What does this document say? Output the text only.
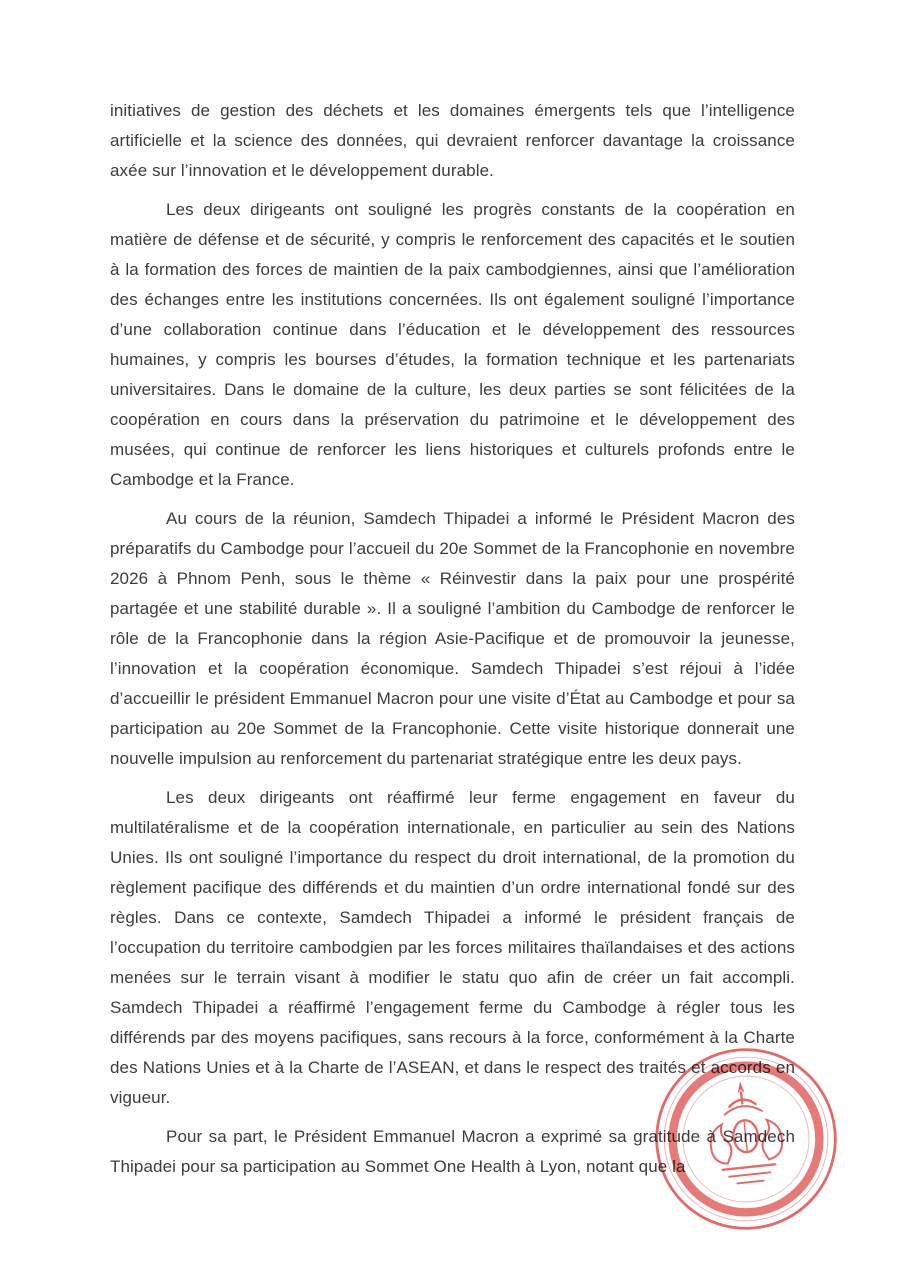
initiatives de gestion des déchets et les domaines émergents tels que l’intelligence artificielle et la science des données, qui devraient renforcer davantage la croissance axée sur l’innovation et le développement durable.

Les deux dirigeants ont souligné les progrès constants de la coopération en matière de défense et de sécurité, y compris le renforcement des capacités et le soutien à la formation des forces de maintien de la paix cambodgiennes, ainsi que l’amélioration des échanges entre les institutions concernées. Ils ont également souligné l’importance d’une collaboration continue dans l’éducation et le développement des ressources humaines, y compris les bourses d’études, la formation technique et les partenariats universitaires. Dans le domaine de la culture, les deux parties se sont félicitées de la coopération en cours dans la préservation du patrimoine et le développement des musées, qui continue de renforcer les liens historiques et culturels profonds entre le Cambodge et la France.

Au cours de la réunion, Samdech Thipadei a informé le Président Macron des préparatifs du Cambodge pour l’accueil du 20e Sommet de la Francophonie en novembre 2026 à Phnom Penh, sous le thème « Réinvestir dans la paix pour une prospérité partagée et une stabilité durable ». Il a souligné l’ambition du Cambodge de renforcer le rôle de la Francophonie dans la région Asie-Pacifique et de promouvoir la jeunesse, l’innovation et la coopération économique. Samdech Thipadei s’est réjoui à l’idée d’accueillir le président Emmanuel Macron pour une visite d’État au Cambodge et pour sa participation au 20e Sommet de la Francophonie. Cette visite historique donnerait une nouvelle impulsion au renforcement du partenariat stratégique entre les deux pays.

Les deux dirigeants ont réaffirmé leur ferme engagement en faveur du multilatéralisme et de la coopération internationale, en particulier au sein des Nations Unies. Ils ont souligné l’importance du respect du droit international, de la promotion du règlement pacifique des différends et du maintien d’un ordre international fondé sur des règles. Dans ce contexte, Samdech Thipadei a informé le président français de l’occupation du territoire cambodgien par les forces militaires thaïlandaises et des actions menées sur le terrain visant à modifier le statu quo afin de créer un fait accompli. Samdech Thipadei a réaffirmé l’engagement ferme du Cambodge à régler tous les différends par des moyens pacifiques, sans recours à la force, conformément à la Charte des Nations Unies et à la Charte de l’ASEAN, et dans le respect des traités et accords en vigueur.

Pour sa part, le Président Emmanuel Macron a exprimé sa gratitude à Samdech Thipadei pour sa participation au Sommet One Health à Lyon, notant que la
